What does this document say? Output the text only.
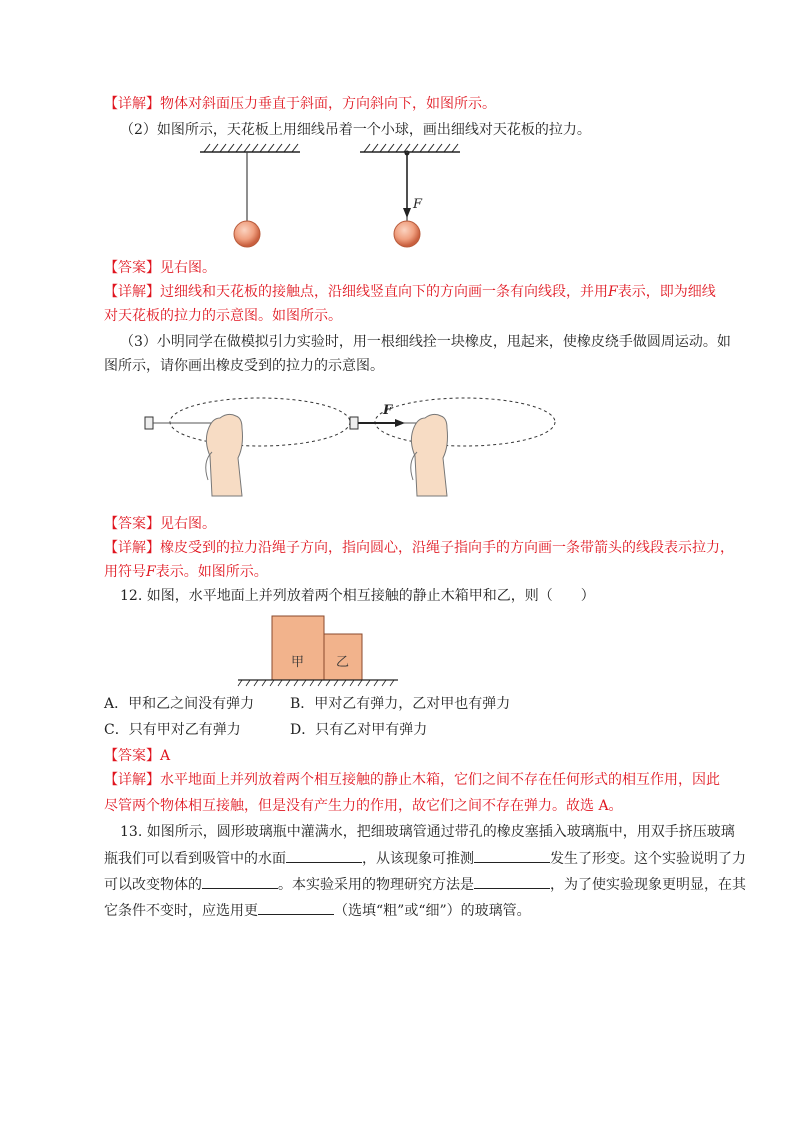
【详解】物体对斜面压力垂直于斜面，方向斜向下，如图所示。
（2）如图所示，天花板上用细线吊着一个小球，画出细线对天花板的拉力。
F
【答案】见右图。
【详解】过细线和天花板的接触点，沿细线竖直向下的方向画一条有向线段，并用F表示，即为细线
对天花板的拉力的示意图。如图所示。
（3）小明同学在做模拟引力实验时，用一根细线拴一块橡皮，甩起来，使橡皮绕手做圆周运动。如
图所示，请你画出橡皮受到的拉力的示意图。
F
【答案】见右图。
【详解】橡皮受到的拉力沿绳子方向，指向圆心，沿绳子指向手的方向画一条带箭头的线段表示拉力，
用符号F表示。如图所示。
12. 如图，水平地面上并列放着两个相互接触的静止木箱甲和乙，则（　　）
甲 乙
A．甲和乙之间没有弹力	B．甲对乙有弹力，乙对甲也有弹力
C．只有甲对乙有弹力	D．只有乙对甲有弹力
【答案】A
【详解】水平地面上并列放着两个相互接触的静止木箱，它们之间不存在任何形式的相互作用，因此
尽管两个物体相互接触，但是没有产生力的作用，故它们之间不存在弹力。故选 A。
13. 如图所示，圆形玻璃瓶中灌满水，把细玻璃管通过带孔的橡皮塞插入玻璃瓶中，用双手挤压玻璃
瓶我们可以看到吸管中的水面	，从该现象可推测	发生了形变。这个实验说明了力
可以改变物体的	。本实验采用的物理研究方法是	，为了使实验现象更明显，在其
它条件不变时，应选用更	（选填“粗”或“细”）的玻璃管。
